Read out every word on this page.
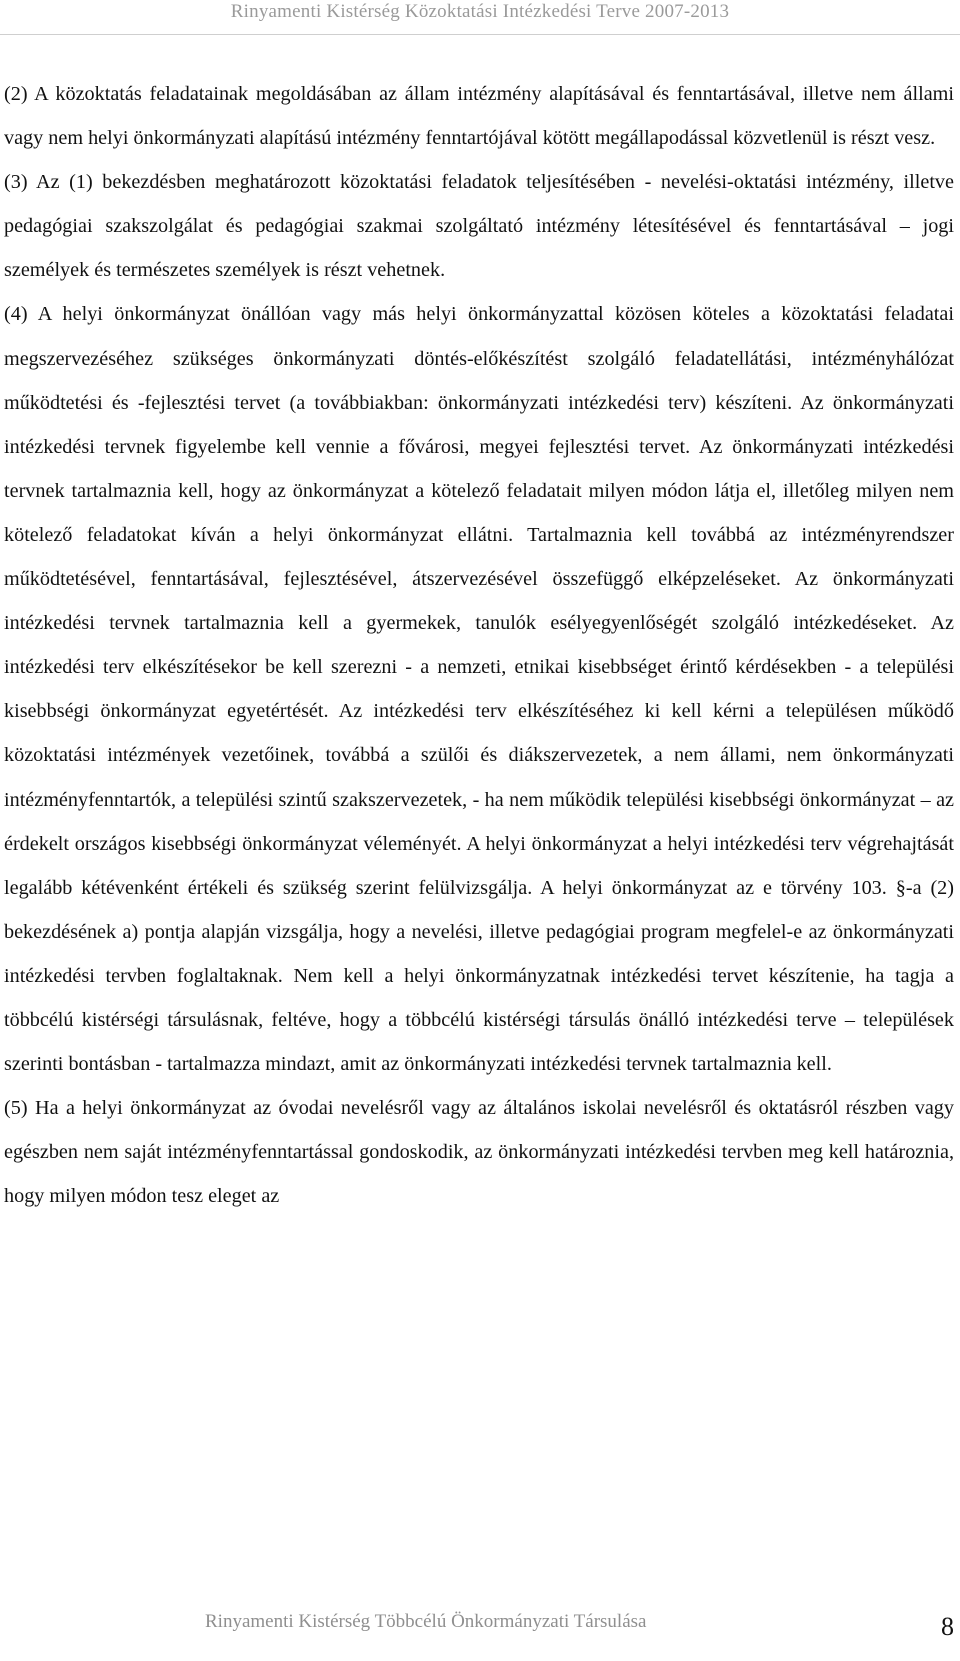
Rinyamenti Kistérség Közoktatási Intézkedési Terve 2007-2013

(2) A közoktatás feladatainak megoldásában az állam intézmény alapításával és fenntartásával, illetve nem állami vagy nem helyi önkormányzati alapítású intézmény fenntartójával kötött megállapodással közvetlenül is részt vesz.

(3) Az (1) bekezdésben meghatározott közoktatási feladatok teljesítésében - nevelési-oktatási intézmény, illetve pedagógiai szakszolgálat és pedagógiai szakmai szolgáltató intézmény létesítésével és fenntartásával – jogi személyek és természetes személyek is részt vehetnek.

(4) A helyi önkormányzat önállóan vagy más helyi önkormányzattal közösen köteles a közoktatási feladatai megszervezéséhez szükséges önkormányzati döntés-előkészítést szolgáló feladatellátási, intézményhálózat működtetési és -fejlesztési tervet (a továbbiakban: önkormányzati intézkedési terv) készíteni. Az önkormányzati intézkedési tervnek figyelembe kell vennie a fővárosi, megyei fejlesztési tervet. Az önkormányzati intézkedési tervnek tartalmaznia kell, hogy az önkormányzat a kötelező feladatait milyen módon látja el, illetőleg milyen nem kötelező feladatokat kíván a helyi önkormányzat ellátni. Tartalmaznia kell továbbá az intézményrendszer működtetésével, fenntartásával, fejlesztésével, átszervezésével összefüggő elképzeléseket. Az önkormányzati intézkedési tervnek tartalmaznia kell a gyermekek, tanulók esélyegyenlőségét szolgáló intézkedéseket. Az intézkedési terv elkészítésekor be kell szerezni - a nemzeti, etnikai kisebbséget érintő kérdésekben - a települési kisebbségi önkormányzat egyetértését. Az intézkedési terv elkészítéséhez ki kell kérni a településen működő közoktatási intézmények vezetőinek, továbbá a szülői és diákszervezetek, a nem állami, nem önkormányzati intézményfenntartók, a települési szintű szakszervezetek, - ha nem működik települési kisebbségi önkormányzat – az érdekelt országos kisebbségi önkormányzat véleményét. A helyi önkormányzat a helyi intézkedési terv végrehajtását legalább kétévenként értékeli és szükség szerint felülvizsgálja. A helyi önkormányzat az e törvény 103. §-a (2) bekezdésének a) pontja alapján vizsgálja, hogy a nevelési, illetve pedagógiai program megfelel-e az önkormányzati intézkedési tervben foglaltaknak. Nem kell a helyi önkormányzatnak intézkedési tervet készítenie, ha tagja a többcélú kistérségi társulásnak, feltéve, hogy a többcélú kistérségi társulás önálló intézkedési terve – települések szerinti bontásban - tartalmazza mindazt, amit az önkormányzati intézkedési tervnek tartalmaznia kell.

(5) Ha a helyi önkormányzat az óvodai nevelésről vagy az általános iskolai nevelésről és oktatásról részben vagy egészben nem saját intézményfenntartással gondoskodik, az önkormányzati intézkedési tervben meg kell határoznia, hogy milyen módon tesz eleget az

Rinyamenti Kistérség Többcélú Önkormányzati Társulása	8
